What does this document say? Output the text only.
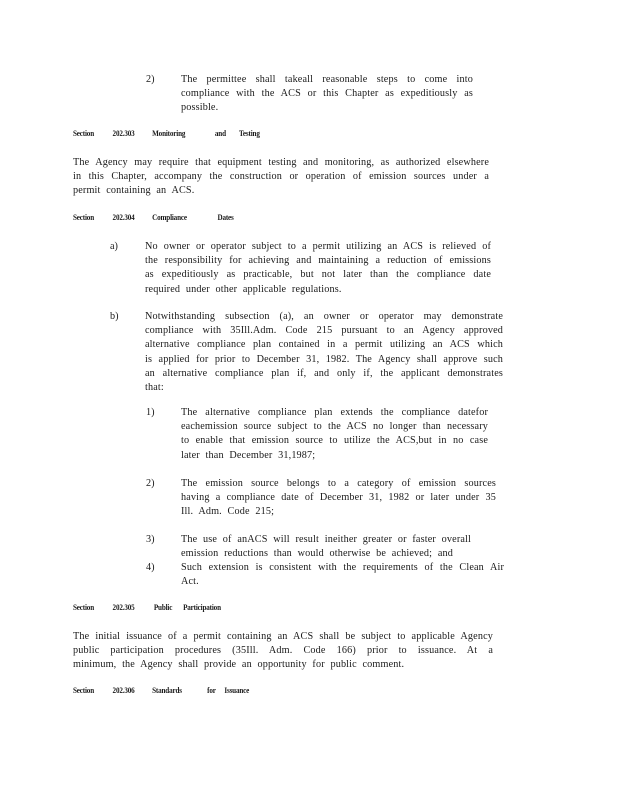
2)	The permittee shall takeall reasonable steps to come into
compliance with the ACS or this Chapter as expeditiously as
possible.
Section 202.303 Monitoring	and Testing
The Agency may require that equipment testing and monitoring, as authorized elsewhere
in this Chapter, accompany the construction or operation of emission sources under a
permit containing an ACS.
Section 202.304 Compliance	Dates
a)	No owner or operator subject to a permit utilizing an ACS is relieved of
the responsibility for achieving and maintaining a reduction of emissions
as expeditiously as practicable, but not later than the compliance date
required under other applicable regulations.
b)	Notwithstanding subsection (a), an owner or operator may demonstrate
compliance with 35Ill.Adm. Code 215 pursuant to an Agency approved
alternative compliance plan contained in a permit utilizing an ACS which
is applied for prior to December 31, 1982. The Agency shall approve such
an alternative compliance plan if, and only if, the applicant demonstrates
that:
1)	The alternative compliance plan extends the compliance datefor
eachemission source subject to the ACS no longer than necessary
to enable that emission source to utilize the ACS,but in no case
later than December 31,1987;
2)	The emission source belongs to a category of emission sources
having a compliance date of December 31, 1982 or later under 35
Ill. Adm. Code 215;
3)	The use of anACS will result ineither greater or faster overall
emission reductions than would otherwise be achieved; and
4)	Such extension is consistent with the requirements of the Clean Air
Act.
Section 202.305 Public Participation
The initial issuance of a permit containing an ACS shall be subject to applicable Agency
public participation procedures (35Ill. Adm. Code 166) prior to issuance. At a
minimum, the Agency shall provide an opportunity for public comment.
Section 202.306 Standards	for Issuance
